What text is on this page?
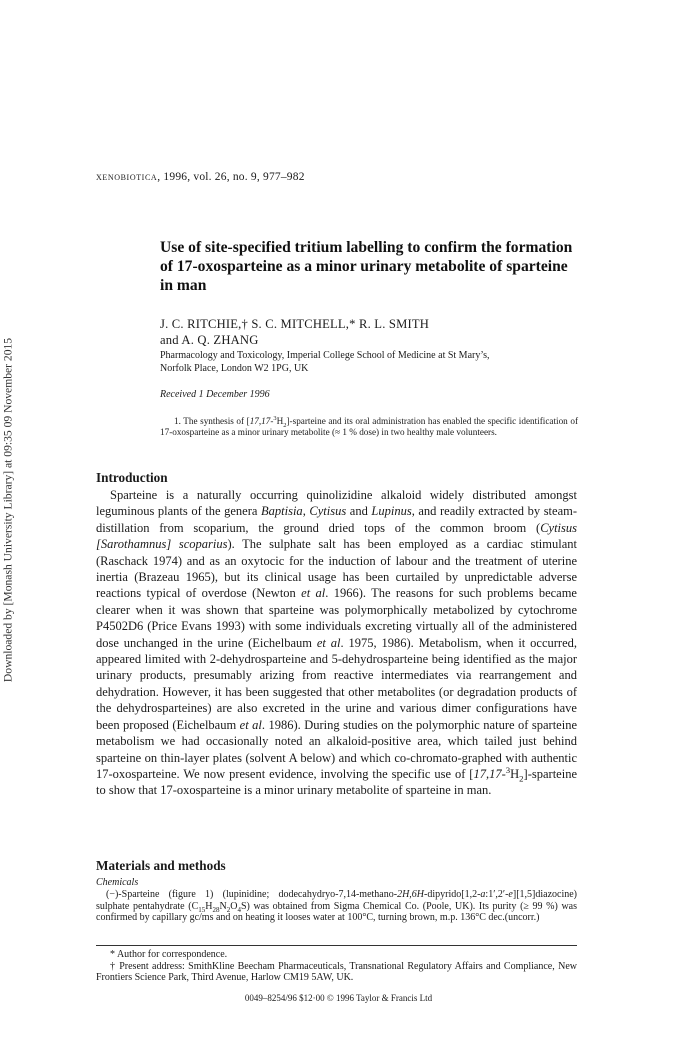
Downloaded by [Monash University Library] at 09:35 09 November 2015
xenobiotica, 1996, vol. 26, no. 9, 977–982
Use of site-specified tritium labelling to confirm the formation of 17-oxosparteine as a minor urinary metabolite of sparteine in man
J. C. RITCHIE,† S. C. MITCHELL,* R. L. SMITH
and A. Q. ZHANG
Pharmacology and Toxicology, Imperial College School of Medicine at St Mary’s,
Norfolk Place, London W2 1PG, UK
Received 1 December 1996
1. The synthesis of $[17,17-^3H_2]$-sparteine and its oral administration has enabled the specific identification of 17-oxosparteine as a minor urinary metabolite (≈ 1 % dose) in two healthy male volunteers.
Introduction
Sparteine is a naturally occurring quinolizidine alkaloid widely distributed amongst leguminous plants of the genera Baptisia, Cytisus and Lupinus, and readily extracted by steam-distillation from scoparium, the ground dried tops of the common broom (Cytisus [Sarothamnus] scoparius). The sulphate salt has been employed as a cardiac stimulant (Raschack 1974) and as an oxytocic for the induction of labour and the treatment of uterine inertia (Brazeau 1965), but its clinical usage has been curtailed by unpredictable adverse reactions typical of overdose (Newton et al. 1966). The reasons for such problems became clearer when it was shown that sparteine was polymorphically metabolized by cytochrome P4502D6 (Price Evans 1993) with some individuals excreting virtually all of the administered dose unchanged in the urine (Eichelbaum et al. 1975, 1986). Metabolism, when it occurred, appeared limited with 2-dehydrosparteine and 5-dehydrosparteine being identified as the major urinary products, presumably arizing from reactive intermediates via rearrangement and dehydration. However, it has been suggested that other metabolites (or degradation products of the dehydrosparteines) are also excreted in the urine and various dimer configurations have been proposed (Eichelbaum et al. 1986). During studies on the polymorphic nature of sparteine metabolism we had occasionally noted an alkaloid-positive area, which tailed just behind sparteine on thin-layer plates (solvent A below) and which co-chromato-graphed with authentic 17-oxosparteine. We now present evidence, involving the specific use of $[17,17-^3H_2]$-sparteine to show that 17-oxosparteine is a minor urinary metabolite of sparteine in man.
Materials and methods
Chemicals
(−)-Sparteine (figure 1) (lupinidine; dodecahydryo-7,14-methano-2H,6H-dipyrido[1,2-a:1′,2′-e][1,5]diazocine) sulphate pentahydrate $(C_{15}H_{28}N_2O_4S)$ was obtained from Sigma Chemical Co. (Poole, UK). Its purity (≥ 99 %) was confirmed by capillary gc/ms and on heating it looses water at 100°C, turning brown, m.p. 136°C dec.(uncorr.)

* Author for correspondence.

† Present address: SmithKline Beecham Pharmaceuticals, Transnational Regulatory Affairs and Compliance, New Frontiers Science Park, Third Avenue, Harlow CM19 5AW, UK.

0049–8254/96 $12·00 © 1996 Taylor & Francis Ltd
